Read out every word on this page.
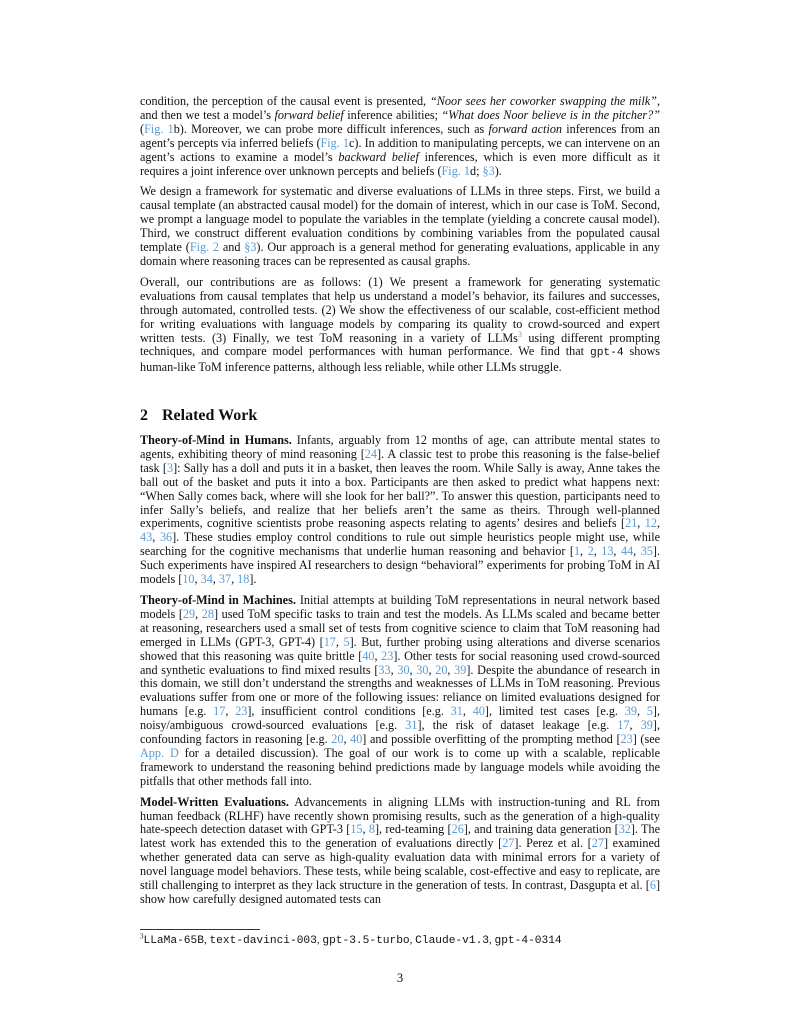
condition, the perception of the causal event is presented, “Noor sees her coworker swapping the milk”, and then we test a model’s forward belief inference abilities; “What does Noor believe is in the pitcher?” (Fig. 1b). Moreover, we can probe more difficult inferences, such as forward action inferences from an agent’s percepts via inferred beliefs (Fig. 1c). In addition to manipulating percepts, we can intervene on an agent’s actions to examine a model’s backward belief inferences, which is even more difficult as it requires a joint inference over unknown percepts and beliefs (Fig. 1d; §3).

We design a framework for systematic and diverse evaluations of LLMs in three steps. First, we build a causal template (an abstracted causal model) for the domain of interest, which in our case is ToM. Second, we prompt a language model to populate the variables in the template (yielding a concrete causal model). Third, we construct different evaluation conditions by combining variables from the populated causal template (Fig. 2 and §3). Our approach is a general method for generating evaluations, applicable in any domain where reasoning traces can be represented as causal graphs.

Overall, our contributions are as follows: (1) We present a framework for generating systematic evaluations from causal templates that help us understand a model’s behavior, its failures and successes, through automated, controlled tests. (2) We show the effectiveness of our scalable, cost-efficient method for writing evaluations with language models by comparing its quality to crowd-sourced and expert written tests. (3) Finally, we test ToM reasoning in a variety of LLMs$^3$ using different prompting techniques, and compare model performances with human performance. We find that gpt-4 shows human-like ToM inference patterns, although less reliable, while other LLMs struggle.

2 Related Work

Theory-of-Mind in Humans. Infants, arguably from 12 months of age, can attribute mental states to agents, exhibiting theory of mind reasoning [24]. A classic test to probe this reasoning is the false-belief task [3]: Sally has a doll and puts it in a basket, then leaves the room. While Sally is away, Anne takes the ball out of the basket and puts it into a box. Participants are then asked to predict what happens next: “When Sally comes back, where will she look for her ball?”. To answer this question, participants need to infer Sally’s beliefs, and realize that her beliefs aren’t the same as theirs. Through well-planned experiments, cognitive scientists probe reasoning aspects relating to agents’ desires and beliefs [21, 12, 43, 36]. These studies employ control conditions to rule out simple heuristics people might use, while searching for the cognitive mechanisms that underlie human reasoning and behavior [1, 2, 13, 44, 35]. Such experiments have inspired AI researchers to design “behavioral” experiments for probing ToM in AI models [10, 34, 37, 18].

Theory-of-Mind in Machines. Initial attempts at building ToM representations in neural network based models [29, 28] used ToM specific tasks to train and test the models. As LLMs scaled and became better at reasoning, researchers used a small set of tests from cognitive science to claim that ToM reasoning had emerged in LLMs (GPT-3, GPT-4) [17, 5]. But, further probing using alterations and diverse scenarios showed that this reasoning was quite brittle [40, 23]. Other tests for social reasoning used crowd-sourced and synthetic evaluations to find mixed results [33, 30, 30, 20, 39]. Despite the abundance of research in this domain, we still don’t understand the strengths and weaknesses of LLMs in ToM reasoning. Previous evaluations suffer from one or more of the following issues: reliance on limited evaluations designed for humans [e.g. 17, 23], insufficient control conditions [e.g. 31, 40], limited test cases [e.g. 39, 5], noisy/ambiguous crowd-sourced evaluations [e.g. 31], the risk of dataset leakage [e.g. 17, 39], confounding factors in reasoning [e.g. 20, 40] and possible overfitting of the prompting method [23] (see App. D for a detailed discussion). The goal of our work is to come up with a scalable, replicable framework to understand the reasoning behind predictions made by language models while avoiding the pitfalls that other methods fall into.

Model-Written Evaluations. Advancements in aligning LLMs with instruction-tuning and RL from human feedback (RLHF) have recently shown promising results, such as the generation of a high-quality hate-speech detection dataset with GPT-3 [15, 8], red-teaming [26], and training data generation [32]. The latest work has extended this to the generation of evaluations directly [27]. Perez et al. [27] examined whether generated data can serve as high-quality evaluation data with minimal errors for a variety of novel language model behaviors. These tests, while being scalable, cost-effective and easy to replicate, are still challenging to interpret as they lack structure in the generation of tests. In contrast, Dasgupta et al. [6] show how carefully designed automated tests can

$^3$LLaMa-65B, text-davinci-003, gpt-3.5-turbo, Claude-v1.3, gpt-4-0314
3
